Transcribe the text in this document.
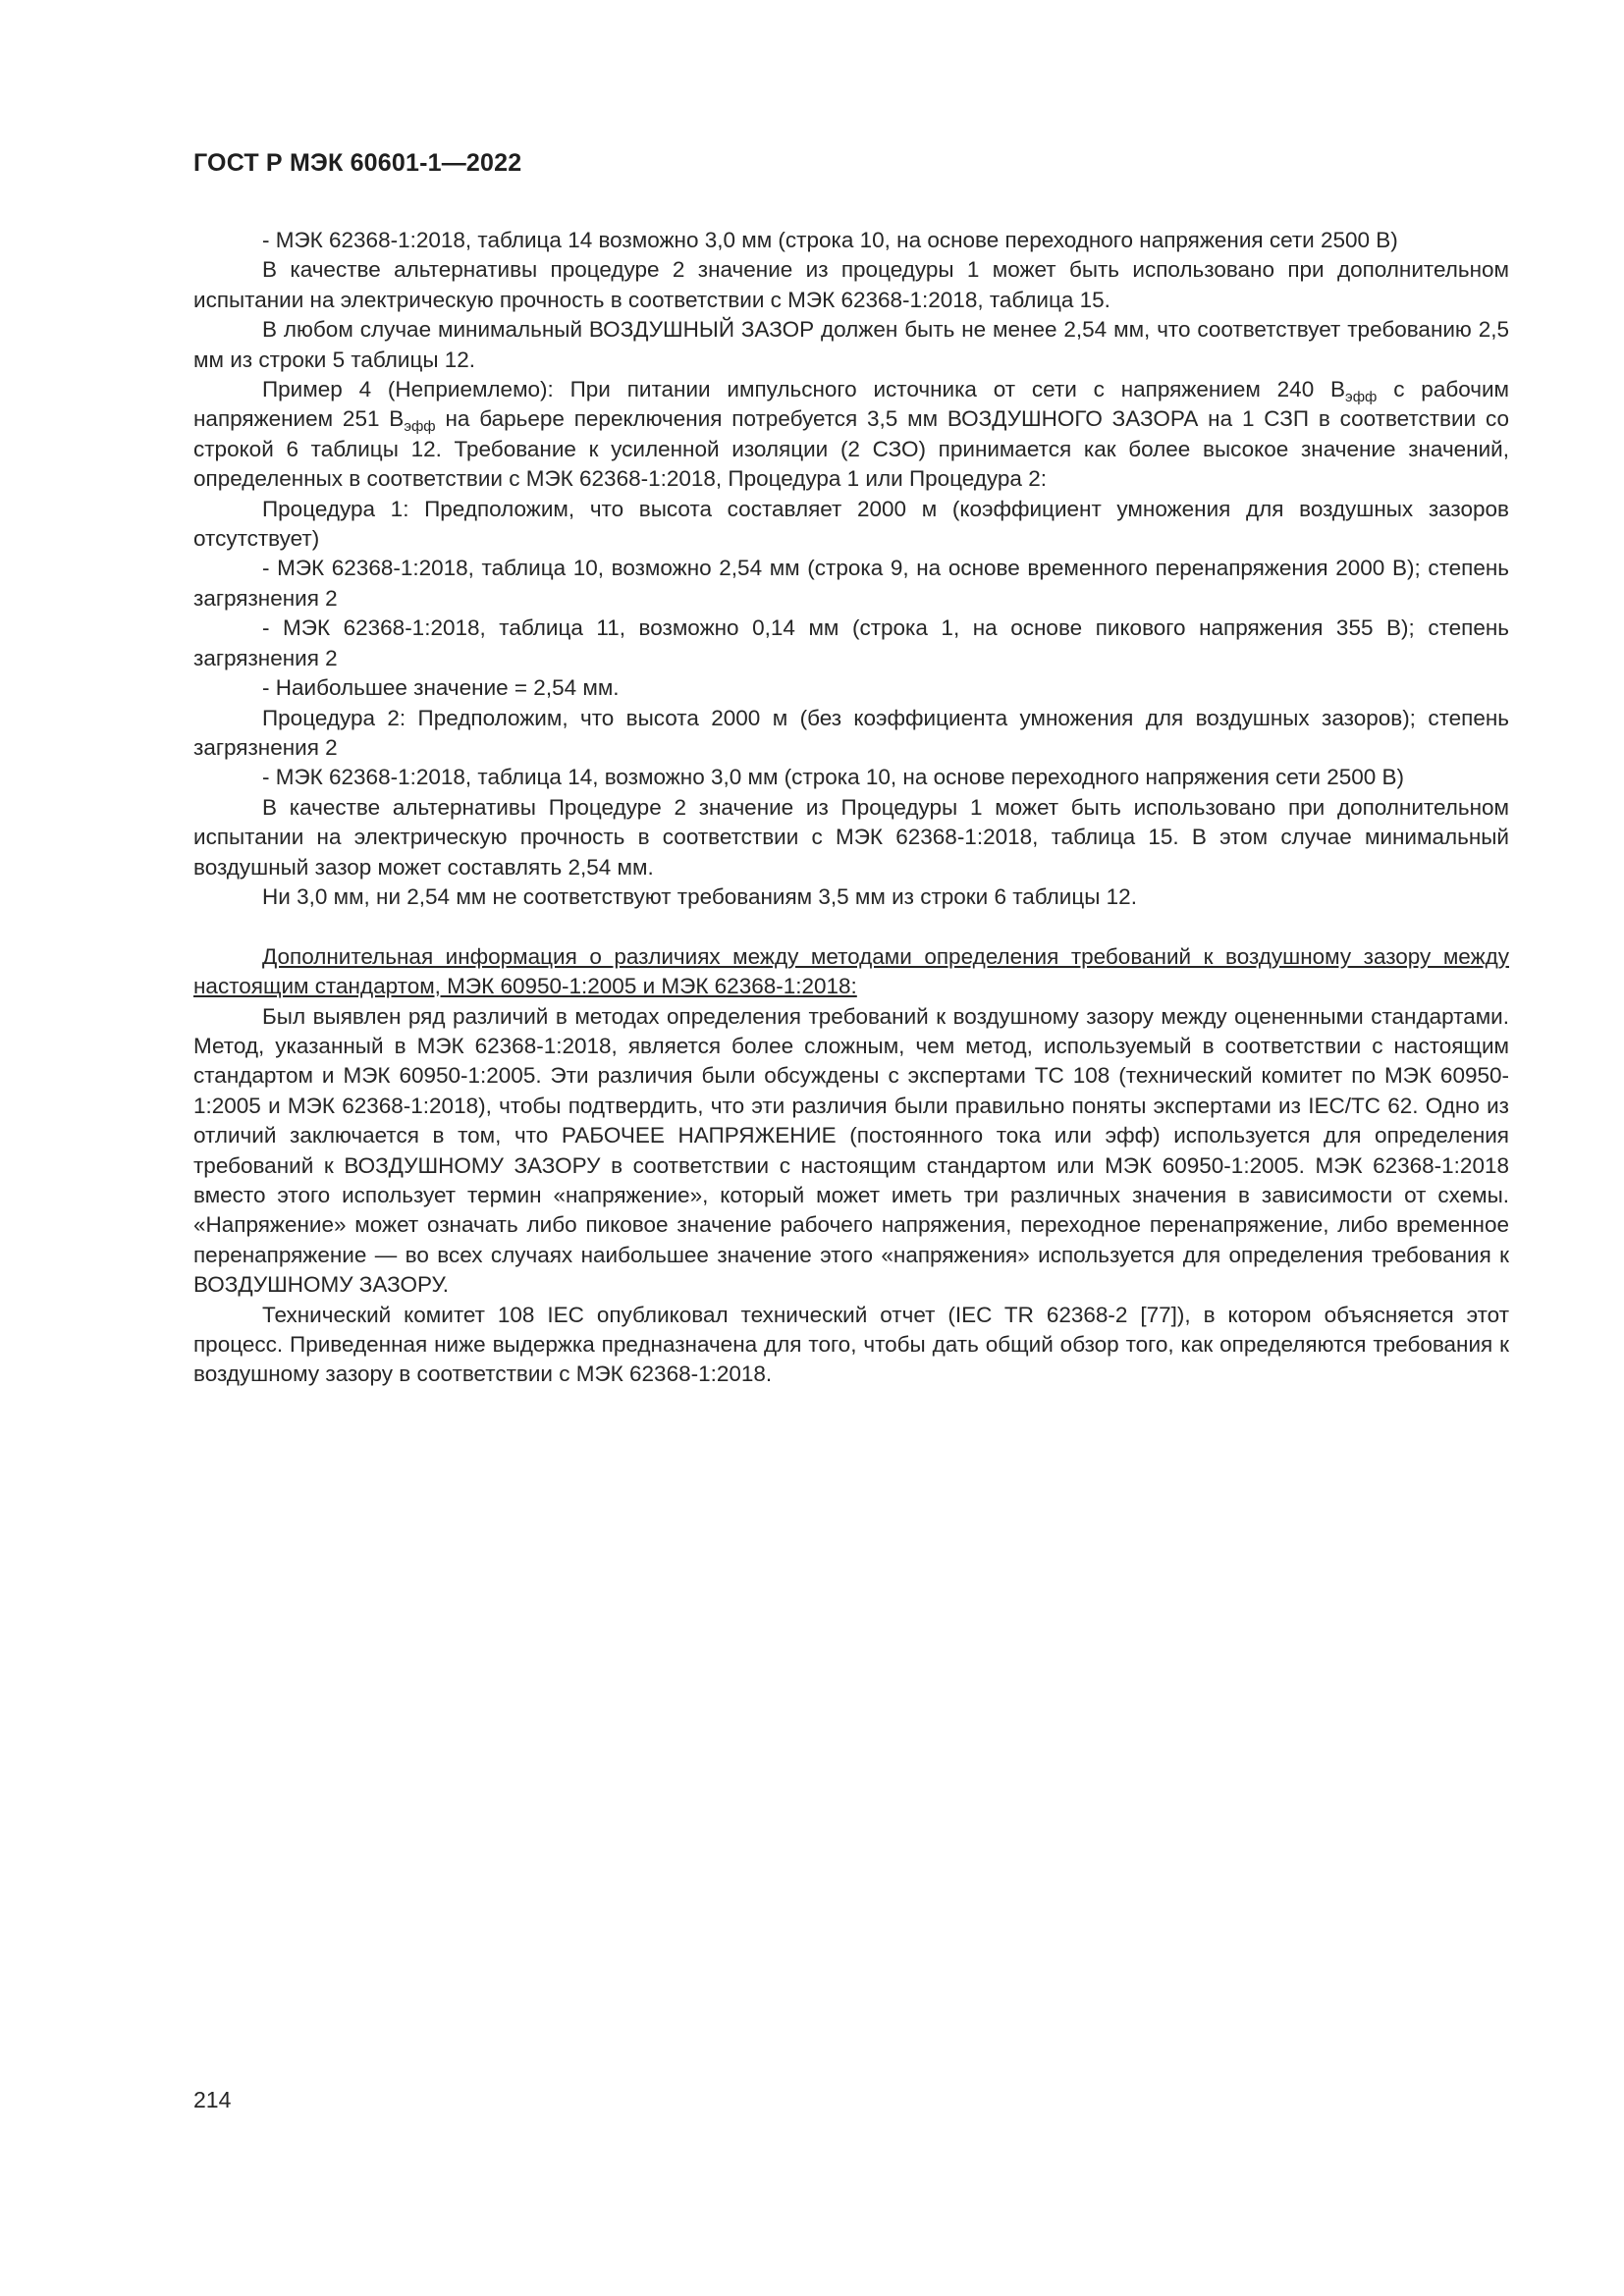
ГОСТ Р МЭК 60601-1—2022

- МЭК 62368-1:2018, таблица 14 возможно 3,0 мм (строка 10, на основе переходного напряжения сети 2500 В)

В качестве альтернативы процедуре 2 значение из процедуры 1 может быть использовано при дополнительном испытании на электрическую прочность в соответствии с МЭК 62368-1:2018, таблица 15.

В любом случае минимальный ВОЗДУШНЫЙ ЗАЗОР должен быть не менее 2,54 мм, что соответствует требованию 2,5 мм из строки 5 таблицы 12.

Пример 4 (Неприемлемо): При питании импульсного источника от сети с напряжением 240 $В_{эфф}$ с рабочим напряжением 251 $В_{эфф}$ на барьере переключения потребуется 3,5 мм ВОЗДУШНОГО ЗАЗОРА на 1 СЗП в соответствии со строкой 6 таблицы 12. Требование к усиленной изоляции (2 СЗО) принимается как более высокое значение значений, определенных в соответствии с МЭК 62368-1:2018, Процедура 1 или Процедура 2:

Процедура 1: Предположим, что высота составляет 2000 м (коэффициент умножения для воздушных зазоров отсутствует)

- МЭК 62368-1:2018, таблица 10, возможно 2,54 мм (строка 9, на основе временного перенапряжения 2000 В); степень загрязнения 2

- МЭК 62368-1:2018, таблица 11, возможно 0,14 мм (строка 1, на основе пикового напряжения 355 В); степень загрязнения 2

- Наибольшее значение = 2,54 мм.

Процедура 2: Предположим, что высота 2000 м (без коэффициента умножения для воздушных зазоров); степень загрязнения 2

- МЭК 62368-1:2018, таблица 14, возможно 3,0 мм (строка 10, на основе переходного напряжения сети 2500 В)

В качестве альтернативы Процедуре 2 значение из Процедуры 1 может быть использовано при дополнительном испытании на электрическую прочность в соответствии с МЭК 62368-1:2018, таблица 15. В этом случае минимальный воздушный зазор может составлять 2,54 мм.

Ни 3,0 мм, ни 2,54 мм не соответствуют требованиям 3,5 мм из строки 6 таблицы 12.

Дополнительная информация о различиях между методами определения требований к воздушному зазору между настоящим стандартом, МЭК 60950-1:2005 и МЭК 62368-1:2018:

Был выявлен ряд различий в методах определения требований к воздушному зазору между оцененными стандартами. Метод, указанный в МЭК 62368-1:2018, является более сложным, чем метод, используемый в соответствии с настоящим стандартом и МЭК 60950-1:2005. Эти различия были обсуждены с экспертами ТС 108 (технический комитет по МЭК 60950-1:2005 и МЭК 62368-1:2018), чтобы подтвердить, что эти различия были правильно поняты экспертами из IEC/TC 62. Одно из отличий заключается в том, что РАБОЧЕЕ НАПРЯЖЕНИЕ (постоянного тока или эфф) используется для определения требований к ВОЗДУШНОМУ ЗАЗОРУ в соответствии с настоящим стандартом или МЭК 60950-1:2005. МЭК 62368-1:2018 вместо этого использует термин «напряжение», который может иметь три различных значения в зависимости от схемы. «Напряжение» может означать либо пиковое значение рабочего напряжения, переходное перенапряжение, либо временное перенапряжение — во всех случаях наибольшее значение этого «напряжения» используется для определения требования к ВОЗДУШНОМУ ЗАЗОРУ.

Технический комитет 108 IEC опубликовал технический отчет (IEC TR 62368-2 [77]), в котором объясняется этот процесс. Приведенная ниже выдержка предназначена для того, чтобы дать общий обзор того, как определяются требования к воздушному зазору в соответствии с МЭК 62368-1:2018.

214
